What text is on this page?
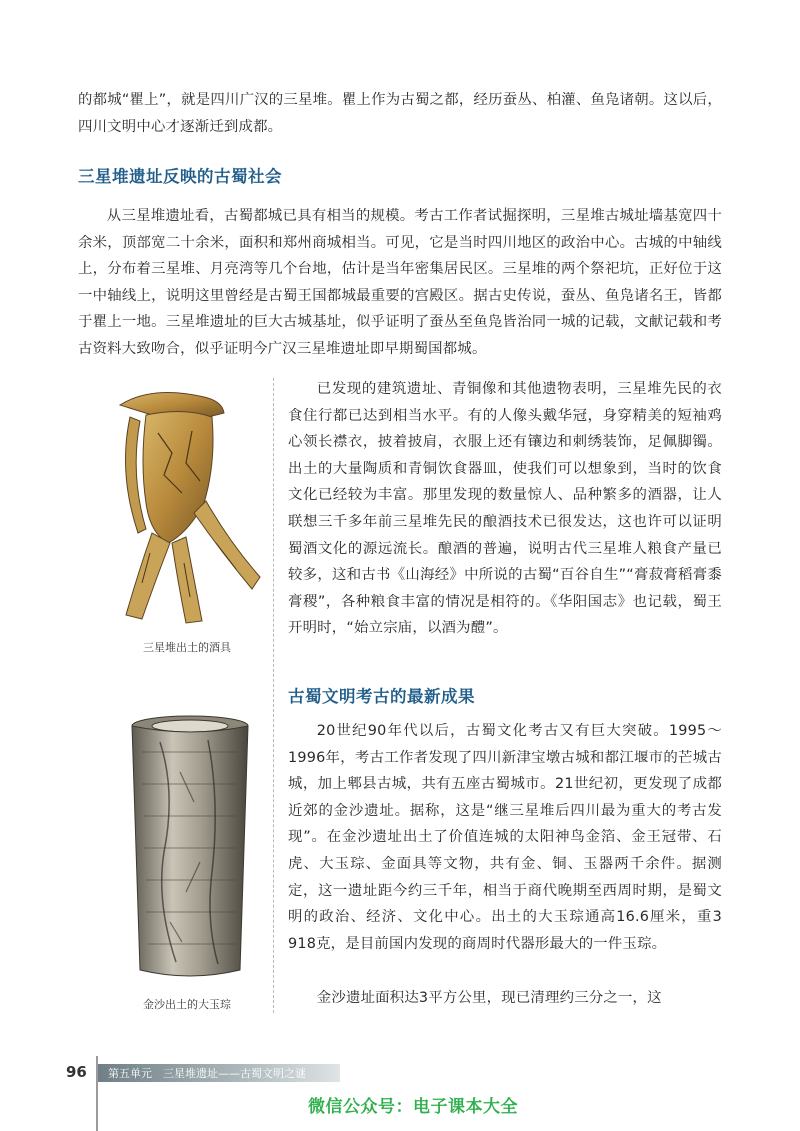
的都城“瞿上”，就是四川广汉的三星堆。瞿上作为古蜀之都，经历蚕丛、柏灌、鱼凫诸朝。这以后，四川文明中心才逐渐迁到成都。

三星堆遗址反映的古蜀社会

从三星堆遗址看，古蜀都城已具有相当的规模。考古工作者试掘探明，三星堆古城址墙基宽四十余米，顶部宽二十余米，面积和郑州商城相当。可见，它是当时四川地区的政治中心。古城的中轴线上，分布着三星堆、月亮湾等几个台地，估计是当年密集居民区。三星堆的两个祭祀坑，正好位于这一中轴线上，说明这里曾经是古蜀王国都城最重要的宫殿区。据古史传说，蚕丛、鱼凫诸名王，皆都于瞿上一地。三星堆遗址的巨大古城基址，似乎证明了蚕丛至鱼凫皆治同一城的记载，文献记载和考古资料大致吻合，似乎证明今广汉三星堆遗址即早期蜀国都城。

三星堆出土的酒具

已发现的建筑遗址、青铜像和其他遗物表明，三星堆先民的衣食住行都已达到相当水平。有的人像头戴华冠，身穿精美的短袖鸡心领长襟衣，披着披肩，衣服上还有镶边和刺绣装饰，足佩脚镯。出土的大量陶质和青铜饮食器皿，使我们可以想象到，当时的饮食文化已经较为丰富。那里发现的数量惊人、品种繁多的酒器，让人联想三千多年前三星堆先民的酿酒技术已很发达，这也许可以证明蜀酒文化的源远流长。酿酒的普遍，说明古代三星堆人粮食产量已较多，这和古书《山海经》中所说的古蜀“百谷自生”“膏菽膏稻膏黍膏稷”，各种粮食丰富的情况是相符的。《华阳国志》也记载，蜀王开明时，“始立宗庙，以酒为醴”。

古蜀文明考古的最新成果

金沙出土的大玉琮

20世纪90年代以后，古蜀文化考古又有巨大突破。1995～1996年，考古工作者发现了四川新津宝墩古城和都江堰市的芒城古城，加上郫县古城，共有五座古蜀城市。21世纪初，更发现了成都近郊的金沙遗址。据称，这是“继三星堆后四川最为重大的考古发现”。在金沙遗址出土了价值连城的太阳神鸟金箔、金王冠带、石虎、大玉琮、金面具等文物，共有金、铜、玉器两千余件。据测定，这一遗址距今约三千年，相当于商代晚期至西周时期，是蜀文明的政治、经济、文化中心。出土的大玉琮通高16.6厘米，重3 918克，是目前国内发现的商周时代器形最大的一件玉琮。

金沙遗址面积达3平方公里，现已清理约三分之一，这

96 第五单元　三星堆遗址——古蜀文明之谜
微信公众号：电子课本大全
